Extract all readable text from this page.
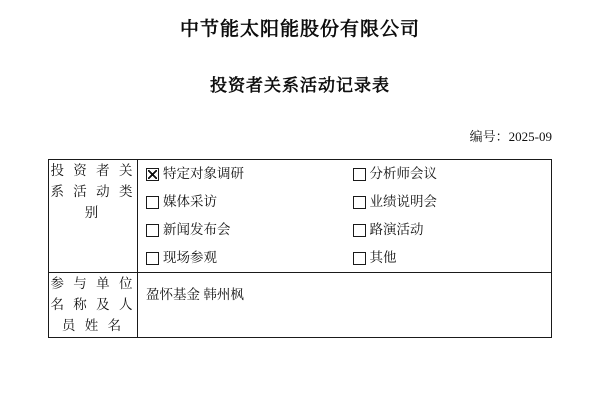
中节能太阳能股份有限公司
投资者关系活动记录表
编号：2025-09
投 资 者 关
系 活 动 类
别

特定对象调研	分析师会议
媒体采访	业绩说明会
新闻发布会	路演活动
现场参观	其他

参 与 单 位
名 称 及 人
员 姓 名	盈怀基金 韩州枫
